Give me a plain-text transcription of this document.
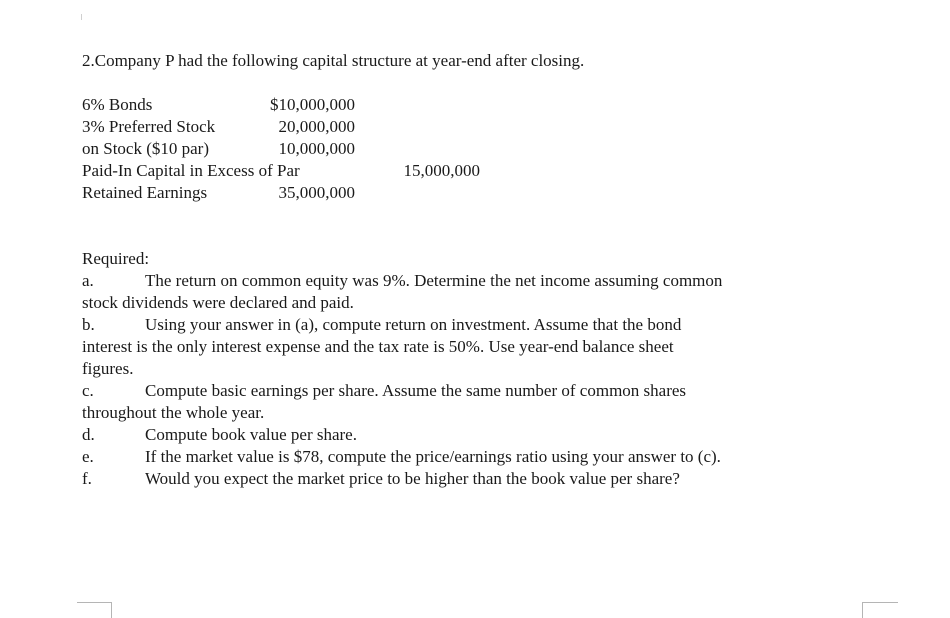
2.Company P had the following capital structure at year-end after closing.
6% Bonds	$10,000,000
3% Preferred Stock	20,000,000
on Stock ($10 par)	10,000,000
Paid-In Capital in Excess of Par	15,000,000
Retained Earnings	35,000,000
Required:
a.	The return on common equity was 9%. Determine the net income assuming common
stock dividends were declared and paid.
b.	Using your answer in (a), compute return on investment. Assume that the bond
interest is the only interest expense and the tax rate is 50%. Use year-end balance sheet
figures.
c.	Compute basic earnings per share. Assume the same number of common shares
throughout the whole year.
d.	Compute book value per share.
e.	If the market value is $78, compute the price/earnings ratio using your answer to (c).
f.	Would you expect the market price to be higher than the book value per share?
